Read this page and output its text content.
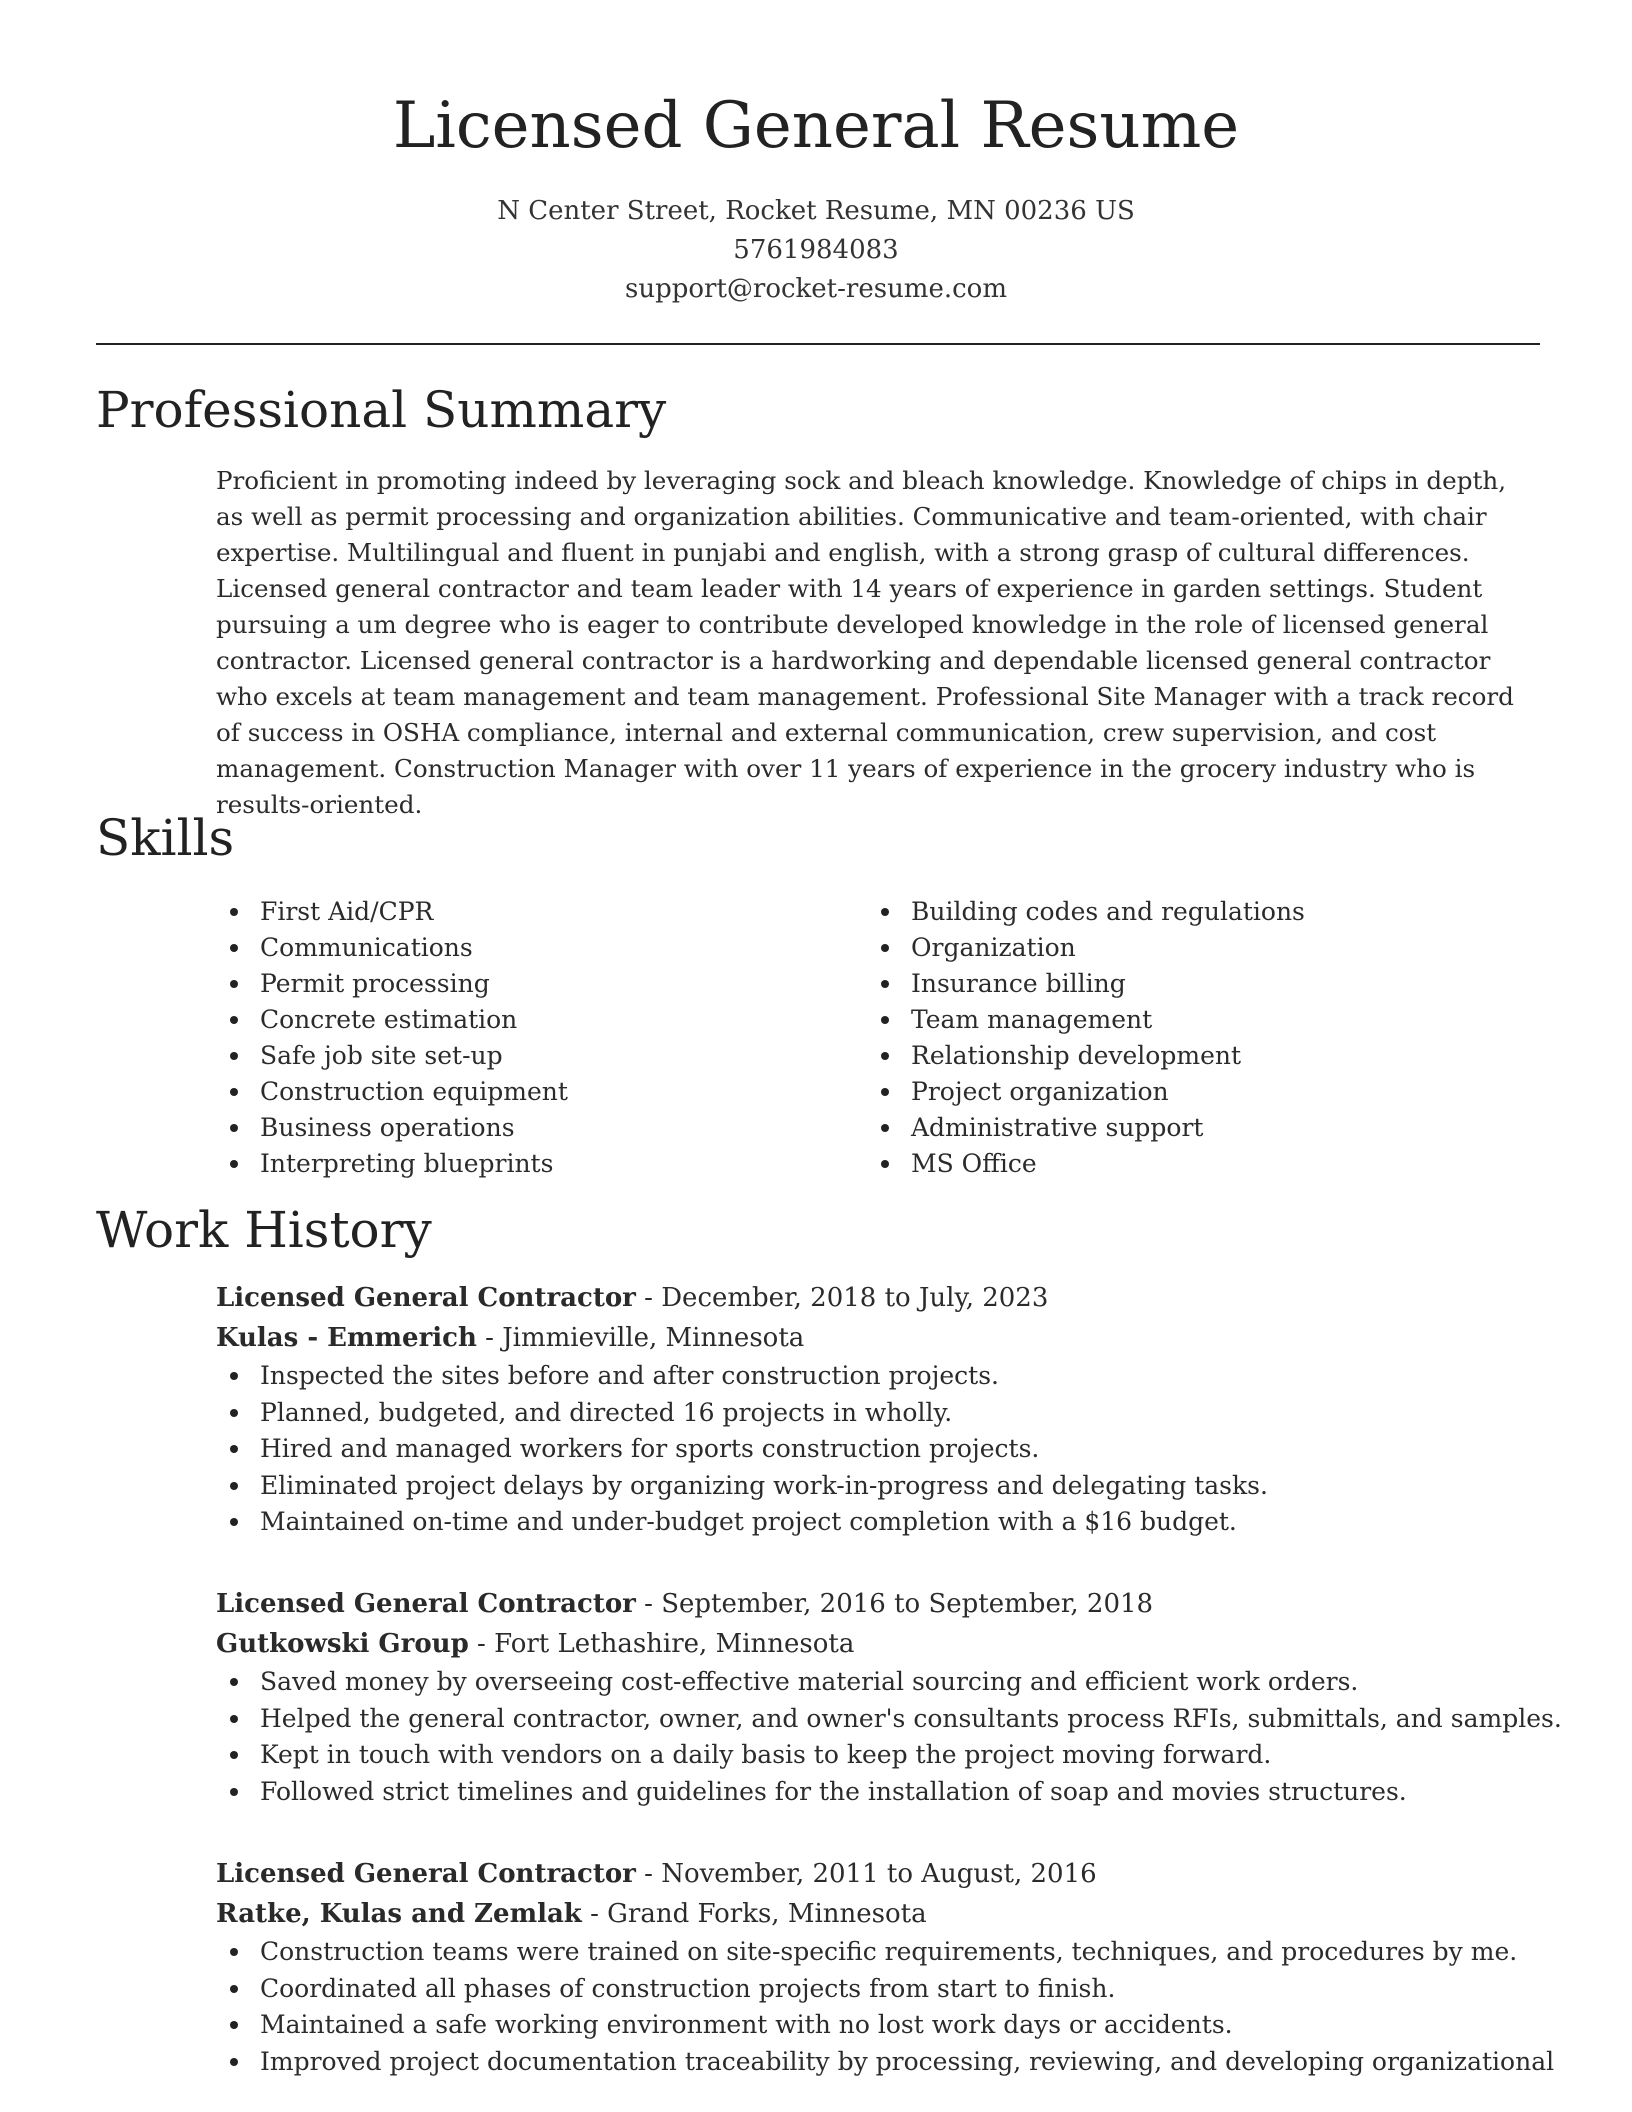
Licensed General Resume
N Center Street, Rocket Resume, MN 00236 US
5761984083
support@rocket-resume.com
Professional Summary

Proficient in promoting indeed by leveraging sock and bleach knowledge. Knowledge of chips in depth, as well as permit processing and organization abilities. Communicative and team-oriented, with chair expertise. Multilingual and fluent in punjabi and english, with a strong grasp of cultural differences. Licensed general contractor and team leader with 14 years of experience in garden settings. Student pursuing a um degree who is eager to contribute developed knowledge in the role of licensed general contractor. Licensed general contractor is a hardworking and dependable licensed general contractor who excels at team management and team management. Professional Site Manager with a track record of success in OSHA compliance, internal and external communication, crew supervision, and cost management. Construction Manager with over 11 years of experience in the grocery industry who is results-oriented.

Skills
First Aid/CPR
Communications
Permit processing
Concrete estimation
Safe job site set-up
Construction equipment
Business operations
Interpreting blueprints
Building codes and regulations
Organization
Insurance billing
Team management
Relationship development
Project organization
Administrative support
MS Office
Work History
Licensed General Contractor - December, 2018 to July, 2023
Kulas - Emmerich - Jimmieville, Minnesota
Inspected the sites before and after construction projects.
Planned, budgeted, and directed 16 projects in wholly.
Hired and managed workers for sports construction projects.
Eliminated project delays by organizing work-in-progress and delegating tasks.
Maintained on-time and under-budget project completion with a $16 budget.
Licensed General Contractor - September, 2016 to September, 2018
Gutkowski Group - Fort Lethashire, Minnesota
Saved money by overseeing cost-effective material sourcing and efficient work orders.
Helped the general contractor, owner, and owner's consultants process RFIs, submittals, and samples.
Kept in touch with vendors on a daily basis to keep the project moving forward.
Followed strict timelines and guidelines for the installation of soap and movies structures.
Licensed General Contractor - November, 2011 to August, 2016
Ratke, Kulas and Zemlak - Grand Forks, Minnesota
Construction teams were trained on site-specific requirements, techniques, and procedures by me.
Coordinated all phases of construction projects from start to finish.
Maintained a safe working environment with no lost work days or accidents.
Improved project documentation traceability by processing, reviewing, and developing organizational
